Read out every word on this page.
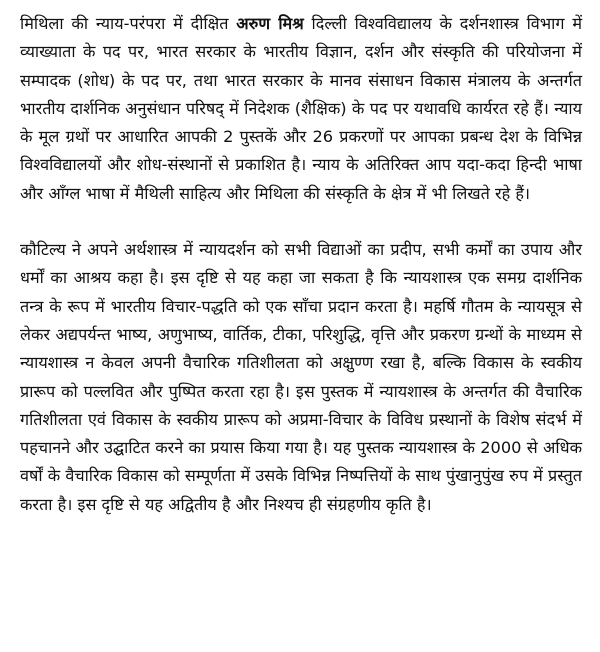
मिथिला की न्याय-परंपरा में दीक्षित अरुण मिश्र दिल्ली विश्वविद्यालय के दर्शनशास्त्र विभाग में व्याख्याता के पद पर, भारत सरकार के भारतीय विज्ञान, दर्शन और संस्कृति की परियोजना में सम्पादक (शोध) के पद पर, तथा भारत सरकार के मानव संसाधन विकास मंत्रालय के अन्तर्गत भारतीय दार्शनिक अनुसंधान परिषद् में निदेशक (शैक्षिक) के पद पर यथावधि कार्यरत रहे हैं। न्याय के मूल ग्रथों पर आधारित आपकी 2 पुस्तकें और 26 प्रकरणों पर आपका प्रबन्ध देश के विभिन्न विश्वविद्यालयों और शोध-संस्थानों से प्रकाशित है। न्याय के अतिरिक्त आप यदा-कदा हिन्दी भाषा और आँग्ल भाषा में मैथिली साहित्य और मिथिला की संस्कृति के क्षेत्र में भी लिखते रहे हैं।

कौटिल्य ने अपने अर्थशास्त्र में न्यायदर्शन को सभी विद्याओं का प्रदीप, सभी कर्मों का उपाय और धर्मों का आश्रय कहा है। इस दृष्टि से यह कहा जा सकता है कि न्यायशास्त्र एक समग्र दार्शनिक तन्त्र के रूप में भारतीय विचार-पद्धति को एक साँचा प्रदान करता है। महर्षि गौतम के न्यायसूत्र से लेकर अद्यपर्यन्त भाष्य, अणुभाष्य, वार्तिक, टीका, परिशुद्धि, वृत्ति और प्रकरण ग्रन्थों के माध्यम से न्यायशास्त्र न केवल अपनी वैचारिक गतिशीलता को अक्षुण्ण रखा है, बल्कि विकास के स्वकीय प्रारूप को पल्लवित और पुष्पित करता रहा है। इस पुस्तक में न्यायशास्त्र के अन्तर्गत की वैचारिक गतिशीलता एवं विकास के स्वकीय प्रारूप को अप्रमा-विचार के विविध प्रस्थानों के विशेष संदर्भ में पहचानने और उद्घाटित करने का प्रयास किया गया है। यह पुस्तक न्यायशास्त्र के 2000 से अधिक वर्षों के वैचारिक विकास को सम्पूर्णता में उसके विभिन्न निष्पत्तियों के साथ पुंखानुपुंख रुप में प्रस्तुत करता है। इस दृष्टि से यह अद्वितीय है और निश्यच ही संग्रहणीय कृति है।
